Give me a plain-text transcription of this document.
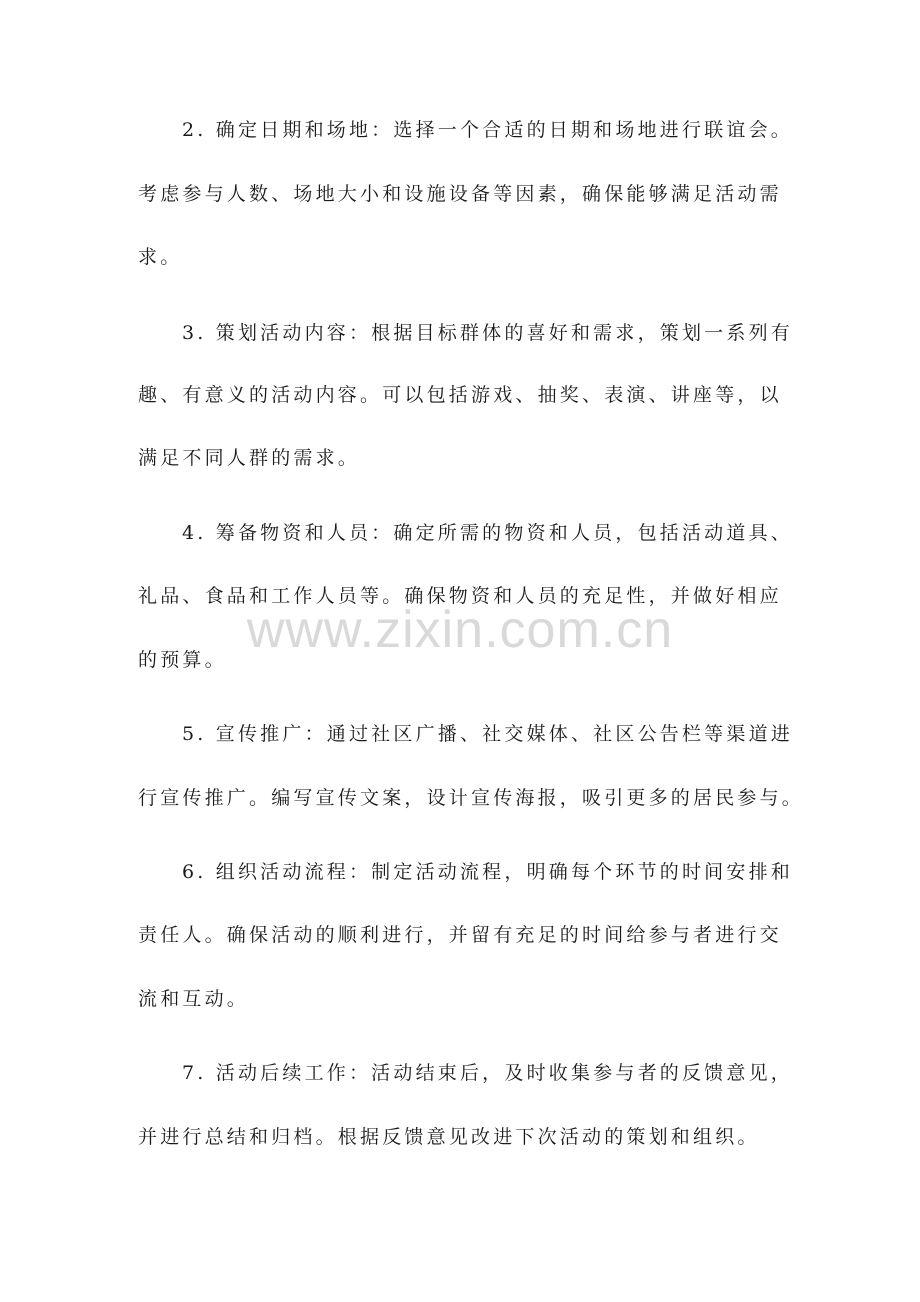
2. 确定日期和场地：选择一个合适的日期和场地进行联谊会。
考虑参与人数、场地大小和设施设备等因素，确保能够满足活动需
求。
3. 策划活动内容：根据目标群体的喜好和需求，策划一系列有
趣、有意义的活动内容。可以包括游戏、抽奖、表演、讲座等，以
满足不同人群的需求。
4. 筹备物资和人员：确定所需的物资和人员，包括活动道具、
礼品、食品和工作人员等。确保物资和人员的充足性，并做好相应
的预算。
5. 宣传推广：通过社区广播、社交媒体、社区公告栏等渠道进
行宣传推广。编写宣传文案，设计宣传海报，吸引更多的居民参与。
6. 组织活动流程：制定活动流程，明确每个环节的时间安排和
责任人。确保活动的顺利进行，并留有充足的时间给参与者进行交
流和互动。
7. 活动后续工作：活动结束后，及时收集参与者的反馈意见，
并进行总结和归档。根据反馈意见改进下次活动的策划和组织。
www.zixin.com.cn
